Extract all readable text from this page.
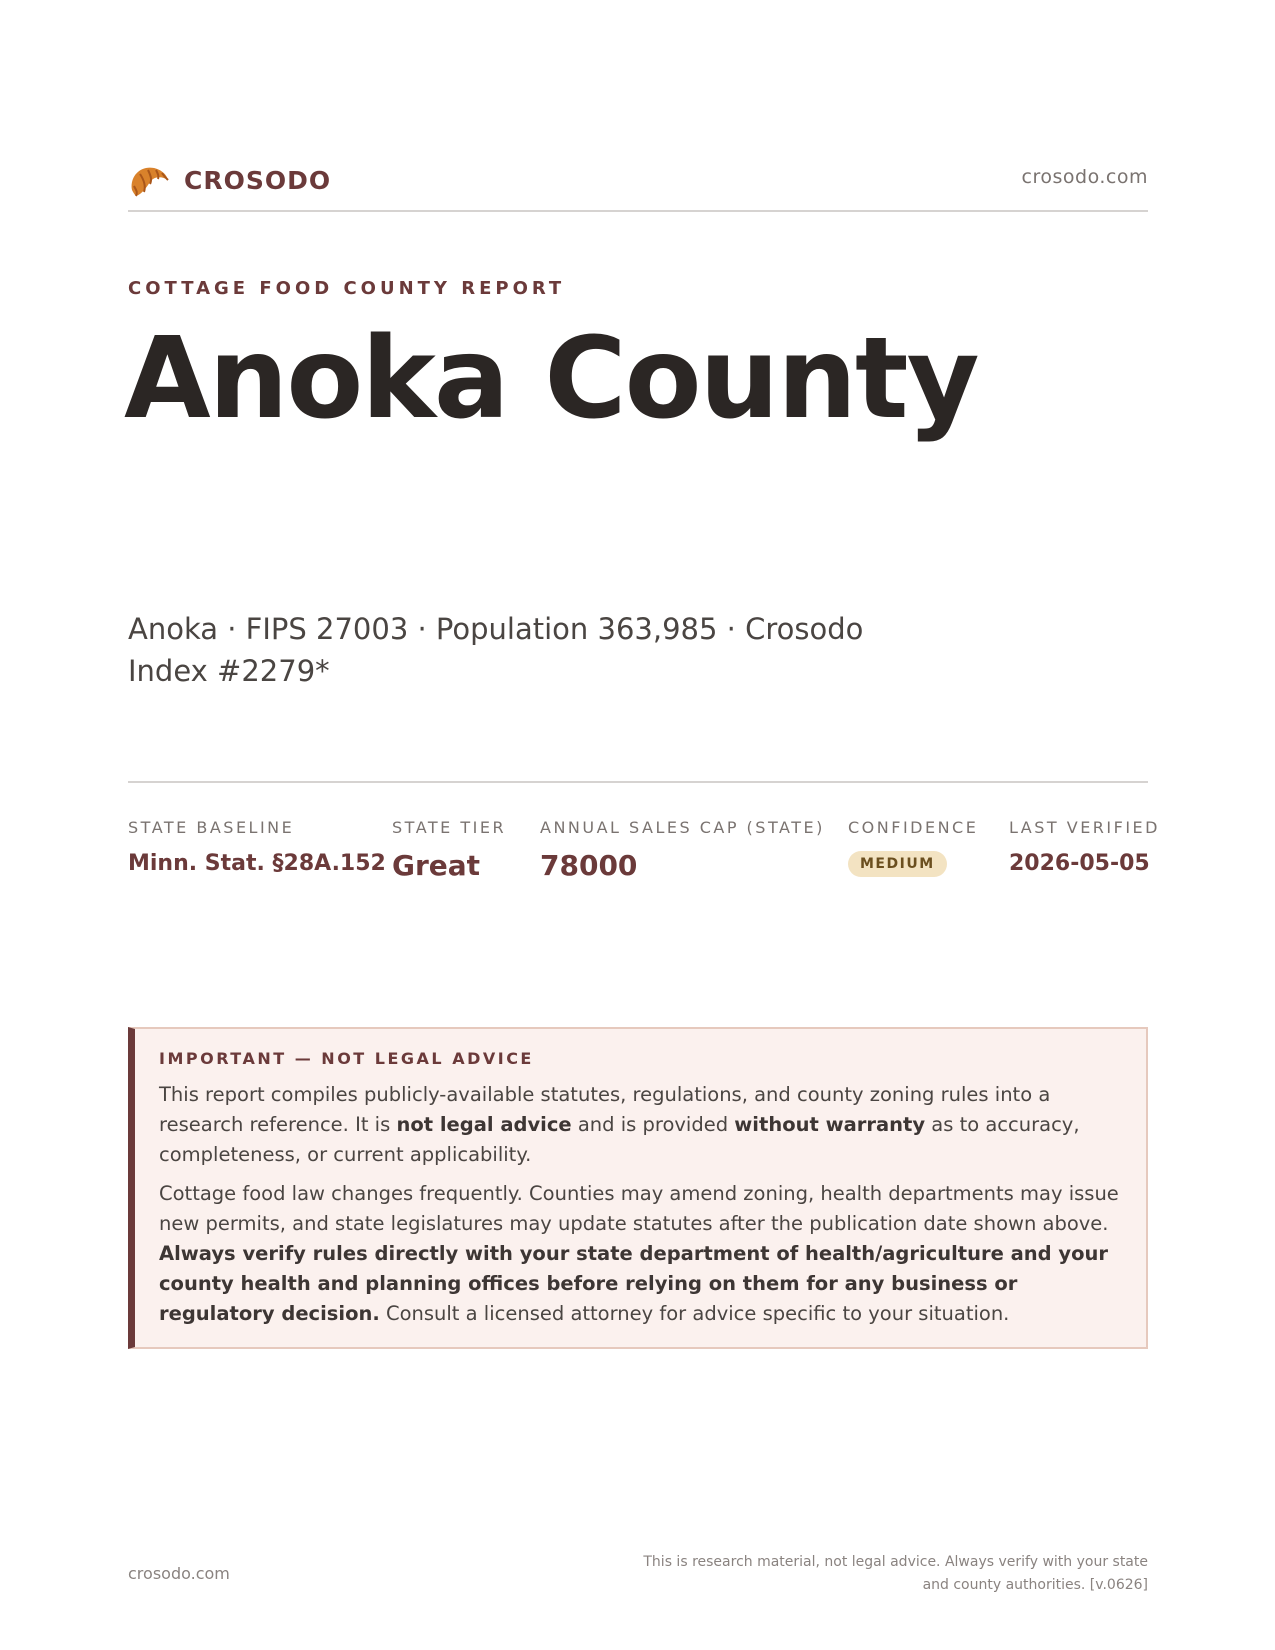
CROSODO	crosodo.com
COTTAGE FOOD COUNTY REPORT
Anoka County
Anoka · FIPS 27003 · Population 363,985 · Crosodo Index #2279*
STATE BASELINE
Minn. Stat. §28A.152
STATE TIER
Great
ANNUAL SALES CAP (STATE)
78000
CONFIDENCE
MEDIUM
LAST VERIFIED
2026-05-05
IMPORTANT — NOT LEGAL ADVICE

This report compiles publicly-available statutes, regulations, and county zoning rules into a research reference. It is not legal advice and is provided without warranty as to accuracy, completeness, or current applicability.

Cottage food law changes frequently. Counties may amend zoning, health departments may issue new permits, and state legislatures may update statutes after the publication date shown above. Always verify rules directly with your state department of health/agriculture and your county health and planning offices before relying on them for any business or regulatory decision. Consult a licensed attorney for advice specific to your situation.

crosodo.com
This is research material, not legal advice. Always verify with your state
and county authorities. [v.0626]
